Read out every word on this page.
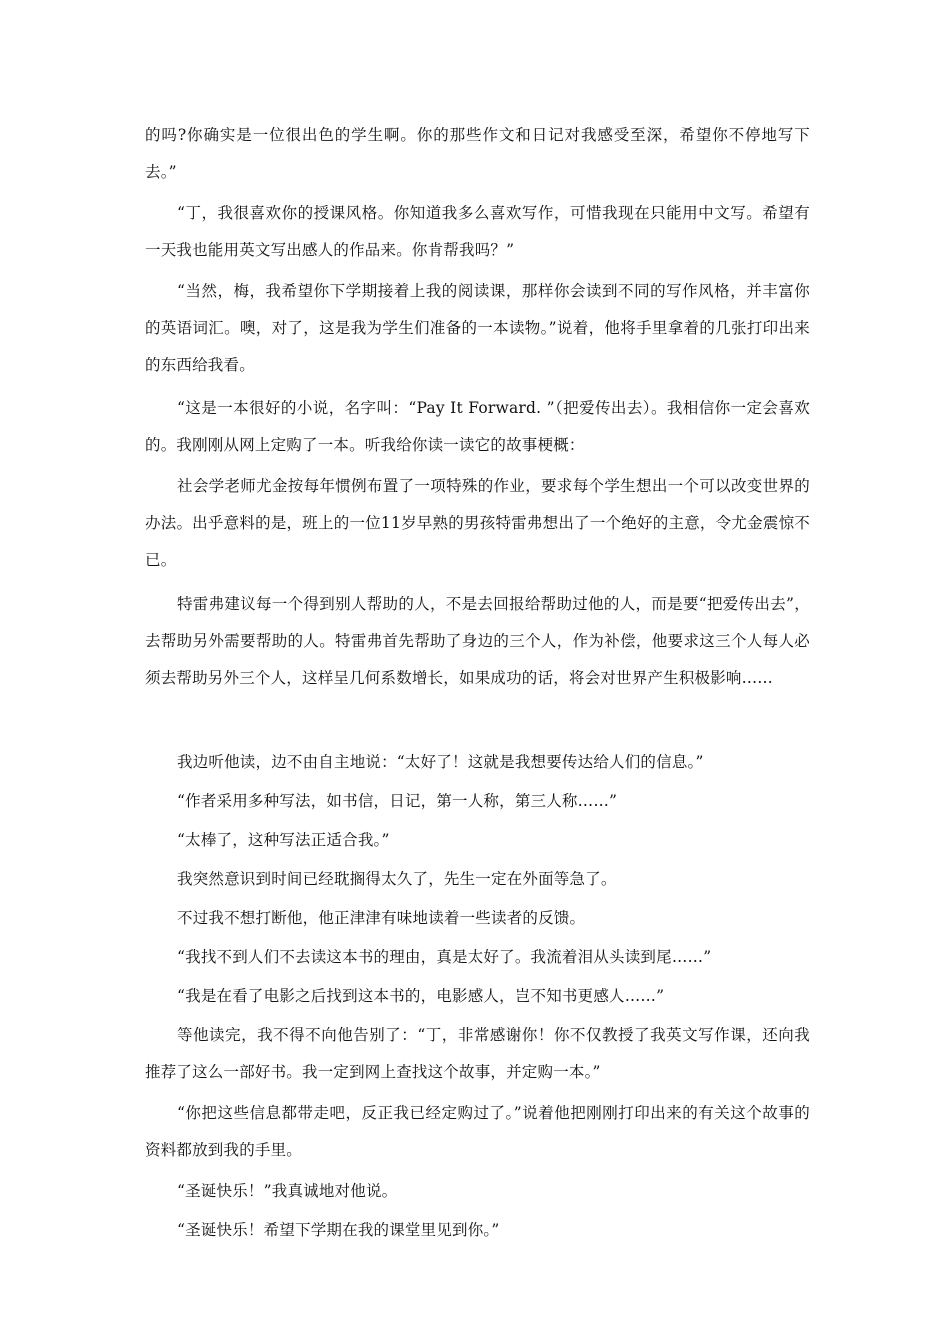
的吗?你确实是一位很出色的学生啊。你的那些作文和日记对我感受至深，希望你不停地写下去。”

“丁，我很喜欢你的授课风格。你知道我多么喜欢写作，可惜我现在只能用中文写。希望有一天我也能用英文写出感人的作品来。你肯帮我吗？”

“当然，梅，我希望你下学期接着上我的阅读课，那样你会读到不同的写作风格，并丰富你的英语词汇。噢，对了，这是我为学生们准备的一本读物。”说着，他将手里拿着的几张打印出来的东西给我看。

“这是一本很好的小说，名字叫：“Pay It Forward. ”（把爱传出去）。我相信你一定会喜欢的。我刚刚从网上定购了一本。听我给你读一读它的故事梗概：

社会学老师尤金按每年惯例布置了一项特殊的作业，要求每个学生想出一个可以改变世界的办法。出乎意料的是，班上的一位11岁早熟的男孩特雷弗想出了一个绝好的主意，令尤金震惊不已。

特雷弗建议每一个得到别人帮助的人，不是去回报给帮助过他的人，而是要“把爱传出去”，去帮助另外需要帮助的人。特雷弗首先帮助了身边的三个人，作为补偿，他要求这三个人每人必须去帮助另外三个人，这样呈几何系数增长，如果成功的话，将会对世界产生积极影响……

我边听他读，边不由自主地说：“太好了！这就是我想要传达给人们的信息。”

“作者采用多种写法，如书信，日记，第一人称，第三人称……”

“太棒了，这种写法正适合我。”

我突然意识到时间已经耽搁得太久了，先生一定在外面等急了。

不过我不想打断他，他正津津有味地读着一些读者的反馈。

“我找不到人们不去读这本书的理由，真是太好了。我流着泪从头读到尾……”

“我是在看了电影之后找到这本书的，电影感人，岂不知书更感人……”

等他读完，我不得不向他告别了：“丁，非常感谢你！你不仅教授了我英文写作课，还向我推荐了这么一部好书。我一定到网上查找这个故事，并定购一本。”

“你把这些信息都带走吧，反正我已经定购过了。”说着他把刚刚打印出来的有关这个故事的资料都放到我的手里。

“圣诞快乐！”我真诚地对他说。

“圣诞快乐！希望下学期在我的课堂里见到你。”
